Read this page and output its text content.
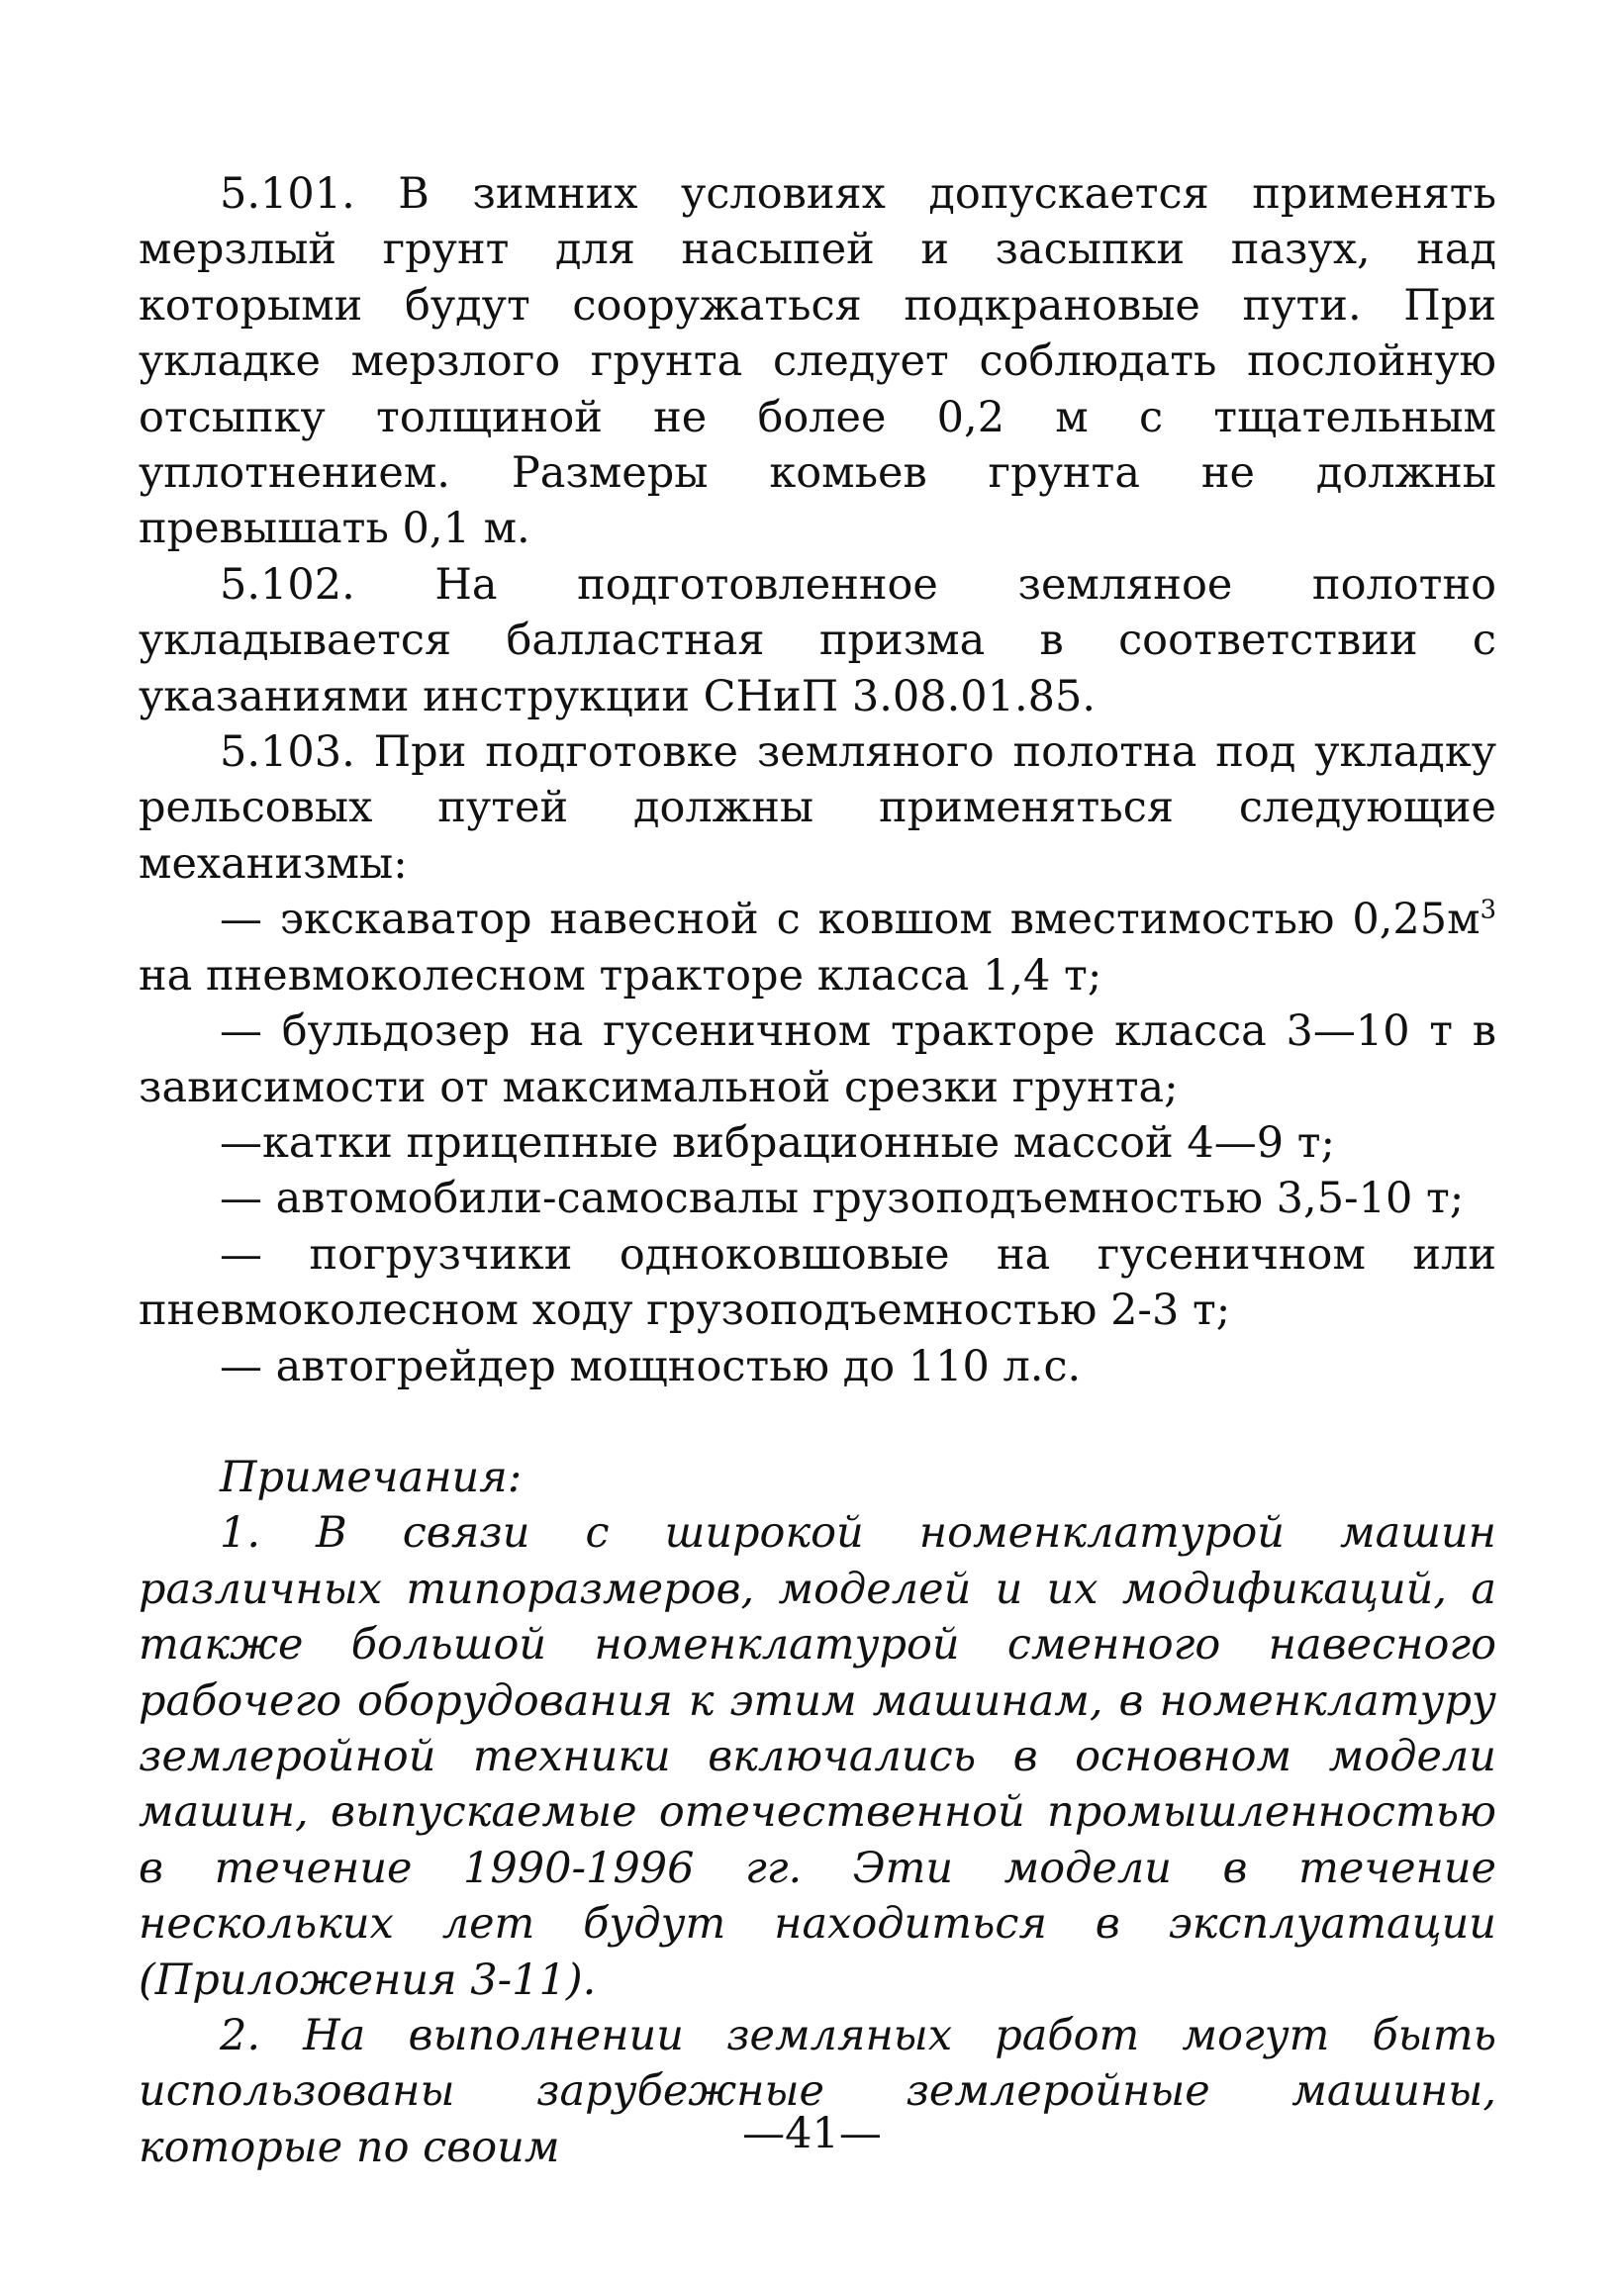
5.101. В зимних условиях допускается применять мерзлый грунт для насыпей и засыпки пазух, над которыми будут сооружаться подкрановые пути. При укладке мерзлого грунта следует соблюдать послойную отсыпку толщиной не более 0,2 м с тщательным уплотнением. Размеры комьев грунта не должны превышать 0,1 м.

5.102. На подготовленное земляное полотно укладывается балластная призма в соответствии с указаниями инструкции СНиП 3.08.01.85.

5.103. При подготовке земляного полотна под укладку рельсовых путей должны применяться следующие механизмы:

— экскаватор навесной с ковшом вместимостью $0,25м^3$ на пневмоколесном тракторе класса 1,4 т;

— бульдозер на гусеничном тракторе класса 3—10 т в зависимости от максимальной срезки грунта;

—катки прицепные вибрационные массой 4—9 т;

— автомобили-самосвалы грузоподъемностью 3,5-10 т;

— погрузчики одноковшовые на гусеничном или пневмоколесном ходу грузоподъемностью 2-3 т;

— автогрейдер мощностью до 110 л.с.

Примечания:

1. В связи с широкой номенклатурой машин различных типоразмеров, моделей и их модификаций, а также большой номенклатурой сменного навесного рабочего оборудования к этим машинам, в номенклатуру землеройной техники включались в основном модели машин, выпускаемые отечественной промышленностью в течение 1990-1996 гг. Эти модели в течение нескольких лет будут находиться в эксплуатации (Приложения 3-11).

2. На выполнении земляных работ могут быть использованы зарубежные землеройные машины, которые по своим	—41—
